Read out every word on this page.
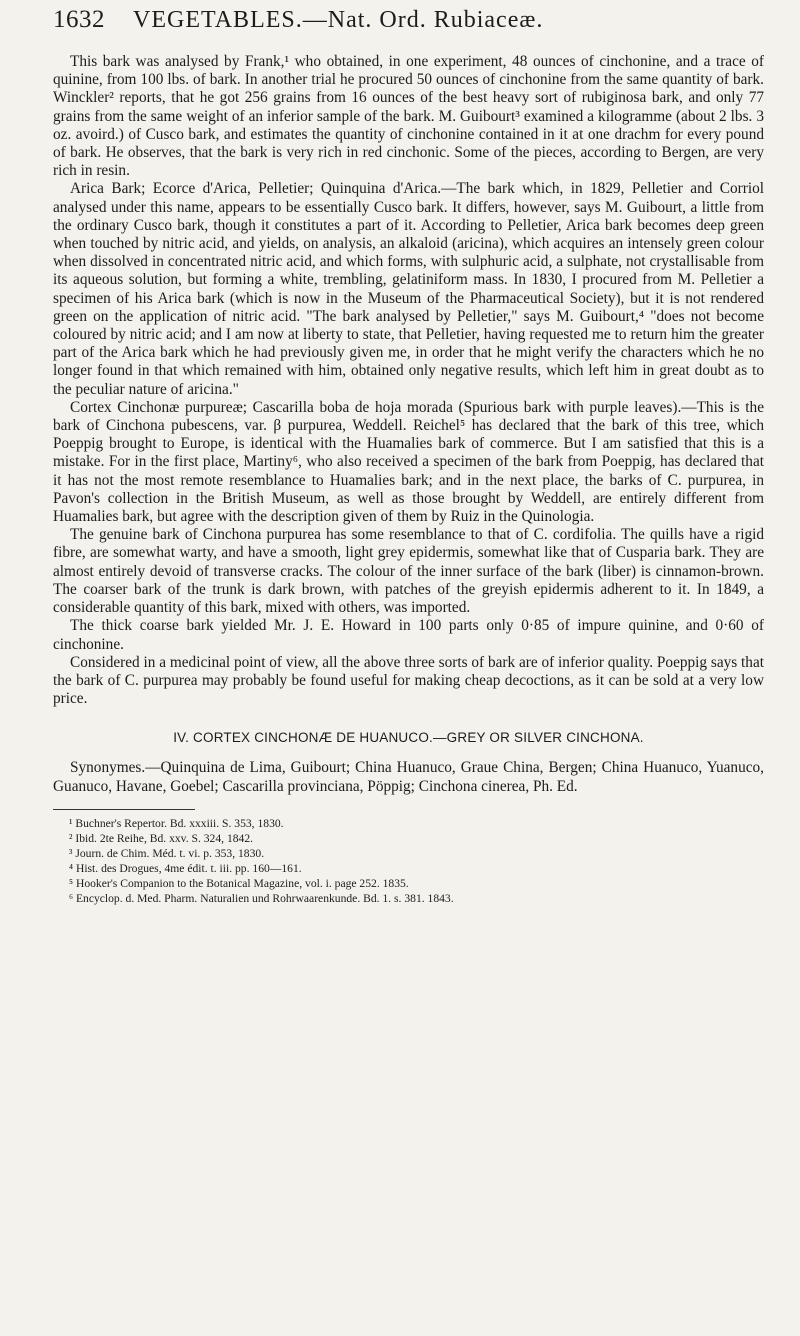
1632 VEGETABLES.—Nat. Ord. Rubiaceæ.

This bark was analysed by Frank,¹ who obtained, in one experiment, 48 ounces of cinchonine, and a trace of quinine, from 100 lbs. of bark. In another trial he procured 50 ounces of cinchonine from the same quantity of bark. Winckler² reports, that he got 256 grains from 16 ounces of the best heavy sort of rubiginosa bark, and only 77 grains from the same weight of an inferior sample of the bark. M. Guibourt³ examined a kilogramme (about 2 lbs. 3 oz. avoird.) of Cusco bark, and estimates the quantity of cinchonine contained in it at one drachm for every pound of bark. He observes, that the bark is very rich in red cinchonic. Some of the pieces, according to Bergen, are very rich in resin.

Arica Bark; Ecorce d'Arica, Pelletier; Quinquina d'Arica.—The bark which, in 1829, Pelletier and Corriol analysed under this name, appears to be essentially Cusco bark. It differs, however, says M. Guibourt, a little from the ordinary Cusco bark, though it constitutes a part of it. According to Pelletier, Arica bark becomes deep green when touched by nitric acid, and yields, on analysis, an alkaloid (aricina), which acquires an intensely green colour when dissolved in concentrated nitric acid, and which forms, with sulphuric acid, a sulphate, not crystallisable from its aqueous solution, but forming a white, trembling, gelatiniform mass. In 1830, I procured from M. Pelletier a specimen of his Arica bark (which is now in the Museum of the Pharmaceutical Society), but it is not rendered green on the application of nitric acid. "The bark analysed by Pelletier," says M. Guibourt,⁴ "does not become coloured by nitric acid; and I am now at liberty to state, that Pelletier, having requested me to return him the greater part of the Arica bark which he had previously given me, in order that he might verify the characters which he no longer found in that which remained with him, obtained only negative results, which left him in great doubt as to the peculiar nature of aricina."

Cortex Cinchonæ purpureæ; Cascarilla boba de hoja morada (Spurious bark with purple leaves).—This is the bark of Cinchona pubescens, var. β purpurea, Weddell. Reichel⁵ has declared that the bark of this tree, which Poeppig brought to Europe, is identical with the Huamalies bark of commerce. But I am satisfied that this is a mistake. For in the first place, Martiny⁶, who also received a specimen of the bark from Poeppig, has declared that it has not the most remote resemblance to Huamalies bark; and in the next place, the barks of C. purpurea, in Pavon's collection in the British Museum, as well as those brought by Weddell, are entirely different from Huamalies bark, but agree with the description given of them by Ruiz in the Quinologia.

The genuine bark of Cinchona purpurea has some resemblance to that of C. cordifolia. The quills have a rigid fibre, are somewhat warty, and have a smooth, light grey epidermis, somewhat like that of Cusparia bark. They are almost entirely devoid of transverse cracks. The colour of the inner surface of the bark (liber) is cinnamon-brown. The coarser bark of the trunk is dark brown, with patches of the greyish epidermis adherent to it. In 1849, a considerable quantity of this bark, mixed with others, was imported.

The thick coarse bark yielded Mr. J. E. Howard in 100 parts only 0·85 of impure quinine, and 0·60 of cinchonine.

Considered in a medicinal point of view, all the above three sorts of bark are of inferior quality. Poeppig says that the bark of C. purpurea may probably be found useful for making cheap decoctions, as it can be sold at a very low price.

IV. CORTEX CINCHONÆ DE HUANUCO.—GREY OR SILVER CINCHONA.

Synonymes.—Quinquina de Lima, Guibourt; China Huanuco, Graue China, Bergen; China Huanuco, Yuanuco, Guanuco, Havane, Goebel; Cascarilla provinciana, Pöppig; Cinchona cinerea, Ph. Ed.

¹ Buchner's Repertor. Bd. xxxiii. S. 353, 1830.
² Ibid. 2te Reihe, Bd. xxv. S. 324, 1842.
³ Journ. de Chim. Méd. t. vi. p. 353, 1830.
⁴ Hist. des Drogues, 4me édit. t. iii. pp. 160—161.
⁵ Hooker's Companion to the Botanical Magazine, vol. i. page 252. 1835.
⁶ Encyclop. d. Med. Pharm. Naturalien und Rohrwaarenkunde. Bd. 1. s. 381. 1843.
